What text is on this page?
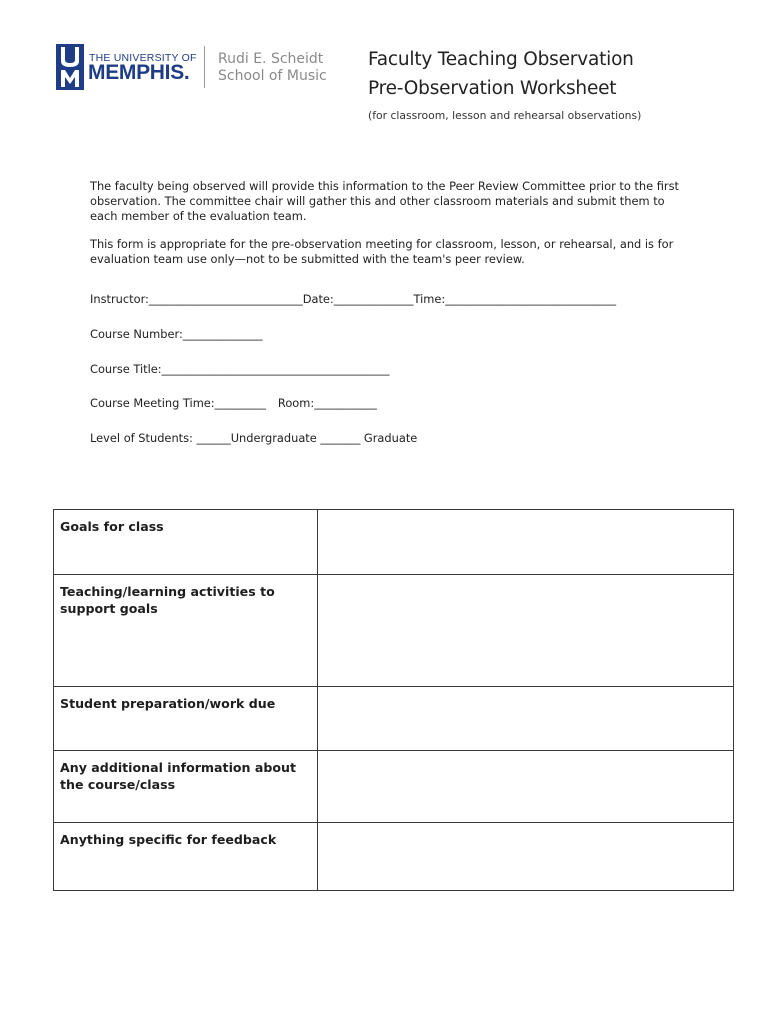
THE UNIVERSITY OF
MEMPHIS.
Rudi E. Scheidt
School of Music
Faculty Teaching Observation
Pre-Observation Worksheet
(for classroom, lesson and rehearsal observations)

The faculty being observed will provide this information to the Peer Review Committee prior to the first observation. The committee chair will gather this and other classroom materials and submit them to each member of the evaluation team.

This form is appropriate for the pre-observation meeting for classroom, lesson, or rehearsal, and is for evaluation team use only—not to be submitted with the team's peer review.

Instructor:___________________________Date:______________Time:______________________________
Course Number:______________
Course Title:________________________________________
Course Meeting Time:_________ Room:___________
Level of Students: ______Undergraduate _______ Graduate
Goals for class	

Teaching/learning activities to support goals	

Student preparation/work due	

Any additional information about the course/class	

Anything specific for feedback	
